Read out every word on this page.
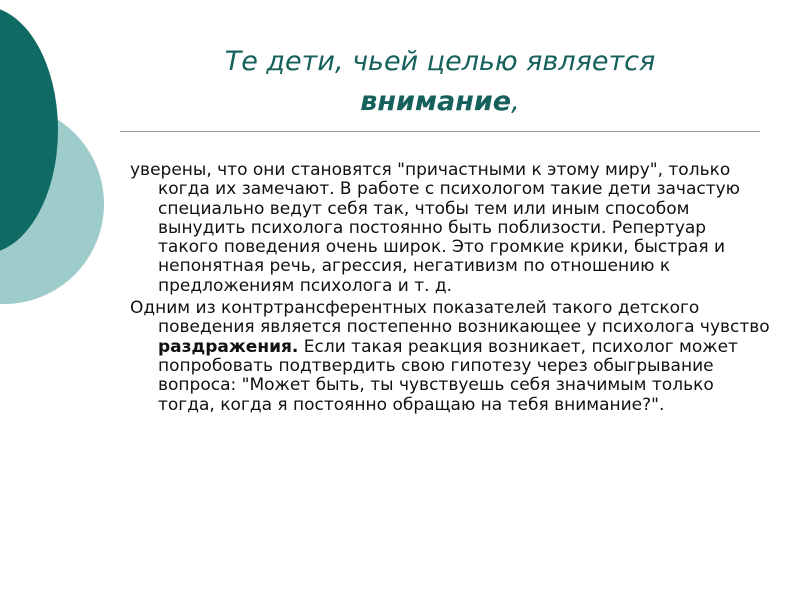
Те дети, чьей целью является
внимание,

уверены, что они становятся "причастными к этому миру", только когда их замечают. В работе с психологом такие дети зачастую специально ведут себя так, чтобы тем или иным способом вынудить психолога постоянно быть поблизости. Репертуар такого поведения очень широк. Это громкие крики, быстрая и непонятная речь, агрессия, негативизм по отношению к предложениям психолога и т. д.

Одним из контртрансферентных показателей такого детского поведения является постепенно возникающее у психолога чувство раздражения. Если такая реакция возникает, психолог может попробовать подтвердить свою гипотезу через обыгрывание вопроса: "Может быть, ты чувствуешь себя значимым только тогда, когда я постоянно обращаю на тебя внимание?".
